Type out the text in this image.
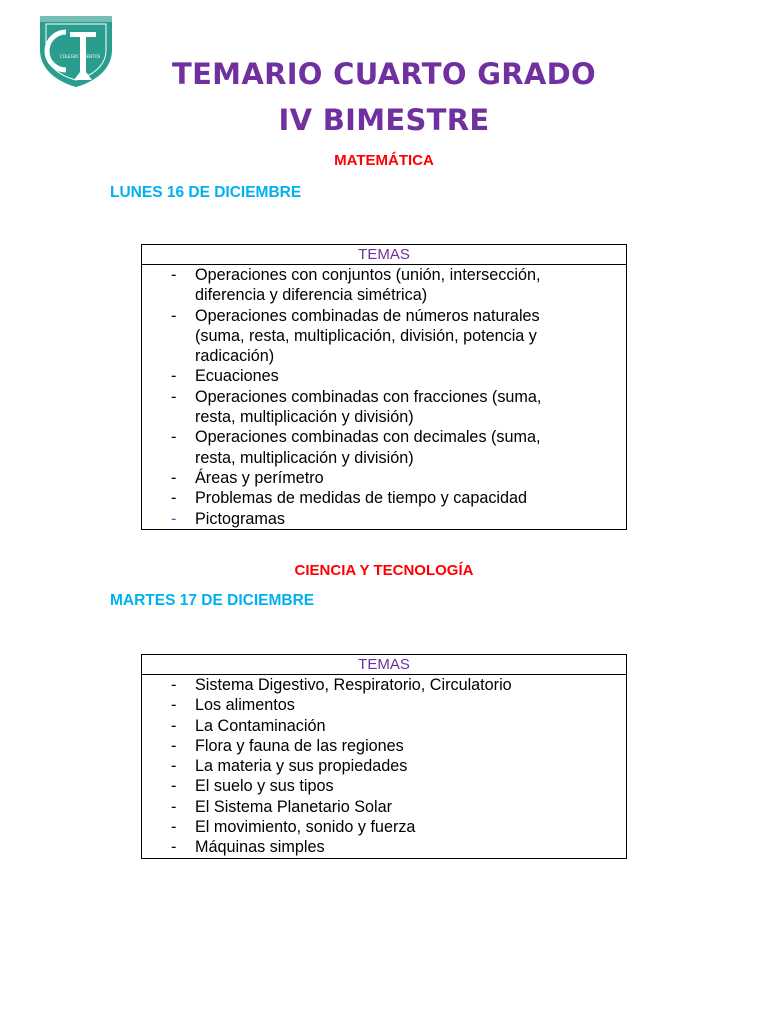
COLEGIO TALENTOS
TEMARIO CUARTO GRADO
IV BIMESTRE
MATEMÁTICA
LUNES 16 DE DICIEMBRE
TEMAS
- Operaciones con conjuntos (unión, intersección,
diferencia y diferencia simétrica)
- Operaciones combinadas de números naturales
(suma, resta, multiplicación, división, potencia y
radicación)
- Ecuaciones
- Operaciones combinadas con fracciones (suma,
resta, multiplicación y división)
- Operaciones combinadas con decimales (suma,
resta, multiplicación y división)
- Áreas y perímetro
- Problemas de medidas de tiempo y capacidad
- Pictogramas
CIENCIA Y TECNOLOGÍA
MARTES 17 DE DICIEMBRE
TEMAS
- Sistema Digestivo, Respiratorio, Circulatorio
- Los alimentos
- La Contaminación
- Flora y fauna de las regiones
- La materia y sus propiedades
- El suelo y sus tipos
- El Sistema Planetario Solar
- El movimiento, sonido y fuerza
- Máquinas simples
